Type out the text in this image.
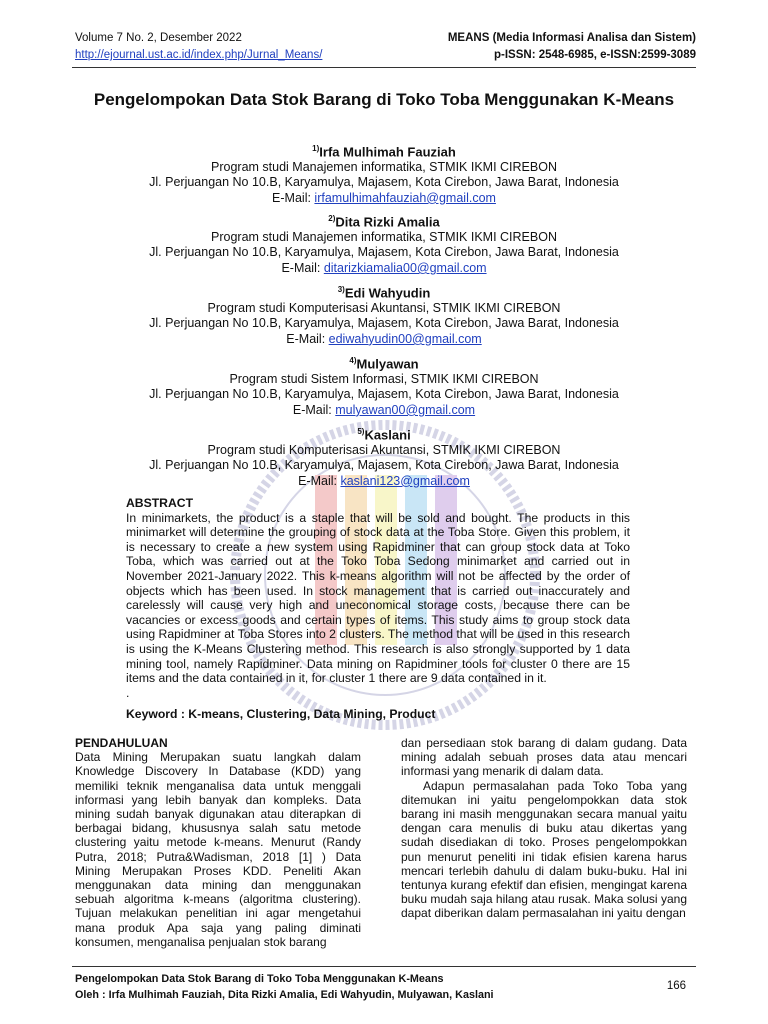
Volume 7 No. 2, Desember 2022
http://ejournal.ust.ac.id/index.php/Jurnal_Means/
MEANS (Media Informasi Analisa dan Sistem)
p-ISSN: 2548-6985, e-ISSN:2599-3089
Pengelompokan Data Stok Barang di Toko Toba Menggunakan K-Means
$^{1)}$Irfa Mulhimah Fauziah
Program studi Manajemen informatika, STMIK IKMI CIREBON
Jl. Perjuangan No 10.B, Karyamulya, Majasem, Kota Cirebon, Jawa Barat, Indonesia
E-Mail: irfamulhimahfauziah@gmail.com
$^{2)}$Dita Rizki Amalia
Program studi Manajemen informatika, STMIK IKMI CIREBON
Jl. Perjuangan No 10.B, Karyamulya, Majasem, Kota Cirebon, Jawa Barat, Indonesia
E-Mail: ditarizkiamalia00@gmail.com
$^{3)}$Edi Wahyudin
Program studi Komputerisasi Akuntansi, STMIK IKMI CIREBON
Jl. Perjuangan No 10.B, Karyamulya, Majasem, Kota Cirebon, Jawa Barat, Indonesia
E-Mail: ediwahyudin00@gmail.com
$^{4)}$Mulyawan
Program studi Sistem Informasi, STMIK IKMI CIREBON
Jl. Perjuangan No 10.B, Karyamulya, Majasem, Kota Cirebon, Jawa Barat, Indonesia
E-Mail: mulyawan00@gmail.com
$^{5)}$Kaslani
Program studi Komputerisasi Akuntansi, STMIK IKMI CIREBON
Jl. Perjuangan No 10.B, Karyamulya, Majasem, Kota Cirebon, Jawa Barat, Indonesia
E-Mail: kaslani123@gmail.com
ABSTRACT

In minimarkets, the product is a staple that will be sold and bought. The products in this minimarket will determine the grouping of stock data at the Toba Store. Given this problem, it is necessary to create a new system using Rapidminer that can group stock data at Toko Toba, which was carried out at the Toko Toba Sedong minimarket and carried out in November 2021-January 2022. This k-means algorithm will not be affected by the order of objects which has been used. In stock management that is carried out inaccurately and carelessly will cause very high and uneconomical storage costs, because there can be vacancies or excess goods and certain types of items. This study aims to group stock data using Rapidminer at Toba Stores into 2 clusters. The method that will be used in this research is using the K-Means Clustering method. This research is also strongly supported by 1 data mining tool, namely Rapidminer. Data mining on Rapidminer tools for cluster 0 there are 15 items and the data contained in it, for cluster 1 there are 9 data contained in it.

.

Keyword : K-means, Clustering, Data Mining, Product
PENDAHULUAN

Data Mining Merupakan suatu langkah dalam Knowledge Discovery In Database (KDD) yang memiliki teknik menganalisa data untuk menggali informasi yang lebih banyak dan kompleks. Data mining sudah banyak digunakan atau diterapkan di berbagai bidang, khususnya salah satu metode clustering yaitu metode k-means. Menurut (Randy Putra, 2018; Putra&Wadisman, 2018 [1] ) Data Mining Merupakan Proses KDD. Peneliti Akan menggunakan data mining dan menggunakan sebuah algoritma k-means (algoritma clustering). Tujuan melakukan penelitian ini agar mengetahui mana produk Apa saja yang paling diminati konsumen, menganalisa penjualan stok barang

dan persediaan stok barang di dalam gudang. Data mining adalah sebuah proses data atau mencari informasi yang menarik di dalam data.

Adapun permasalahan pada Toko Toba yang ditemukan ini yaitu pengelompokkan data stok barang ini masih menggunakan secara manual yaitu dengan cara menulis di buku atau dikertas yang sudah disediakan di toko. Proses pengelompokkan pun menurut peneliti ini tidak efisien karena harus mencari terlebih dahulu di dalam buku-buku. Hal ini tentunya kurang efektif dan efisien, mengingat karena buku mudah saja hilang atau rusak. Maka solusi yang dapat diberikan dalam permasalahan ini yaitu dengan

Pengelompokan Data Stok Barang di Toko Toba Menggunakan K-Means
Oleh : Irfa Mulhimah Fauziah, Dita Rizki Amalia, Edi Wahyudin, Mulyawan, Kaslani
166
